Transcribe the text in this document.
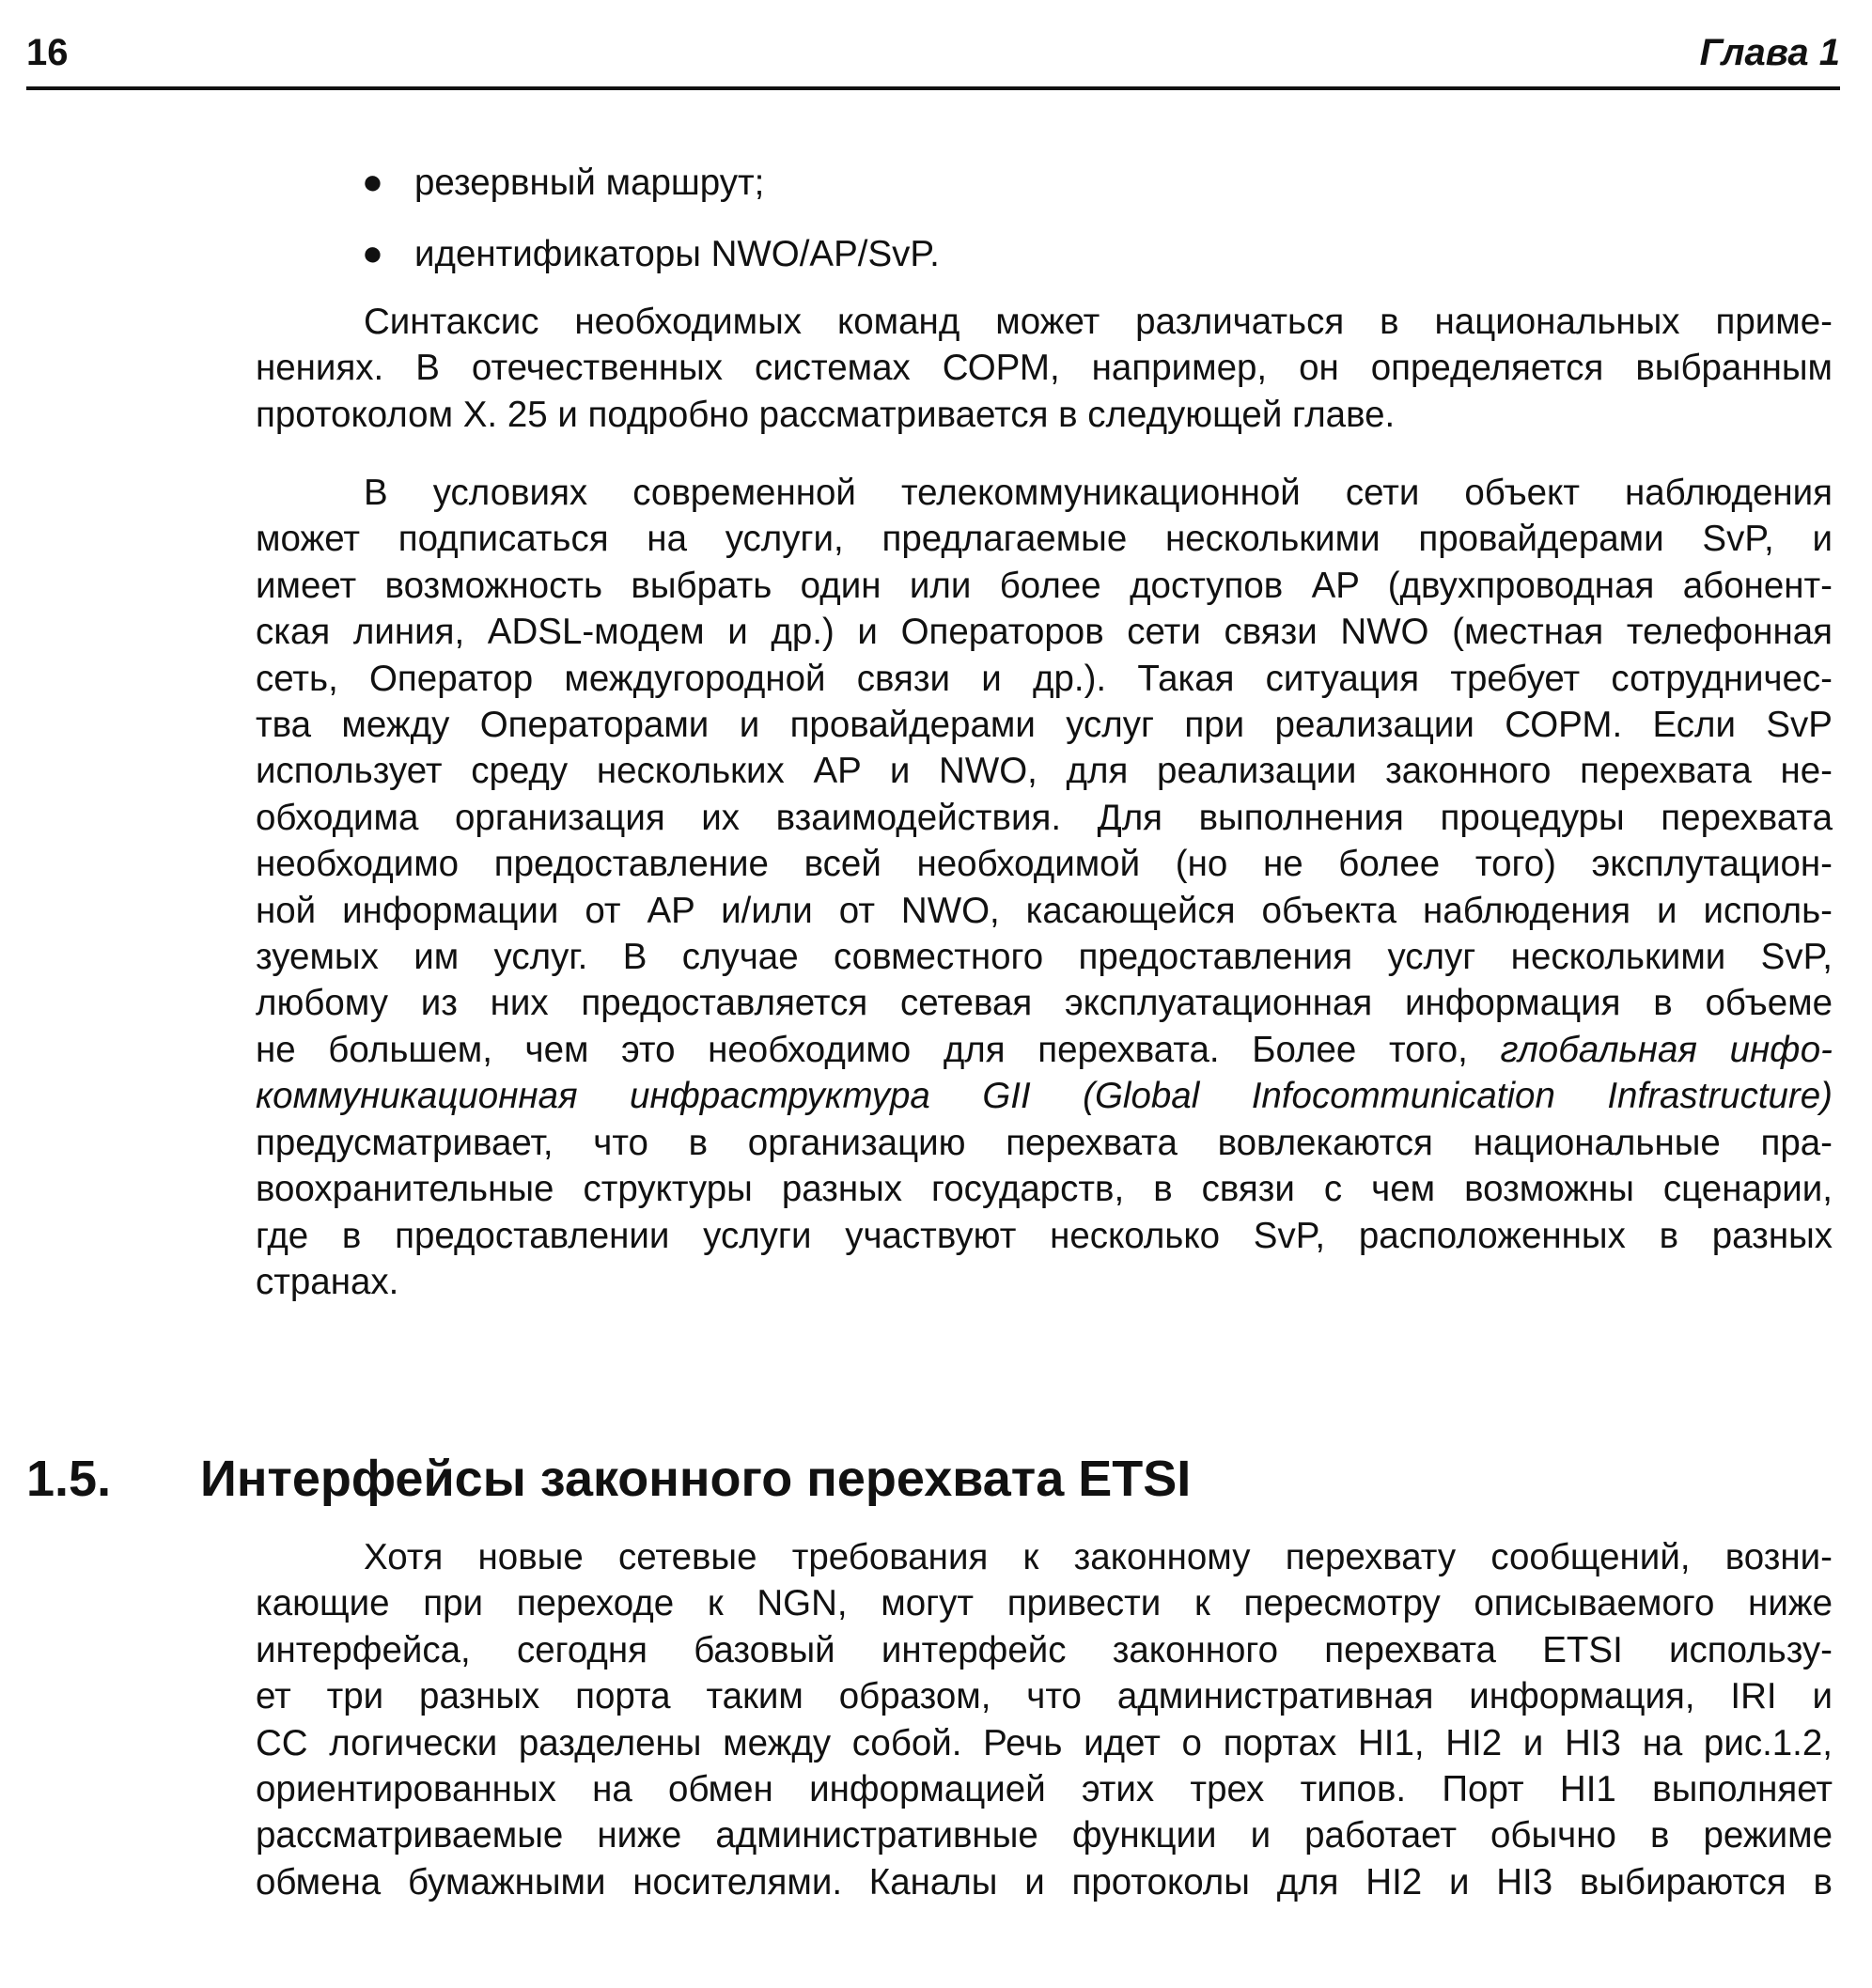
16	Глава 1
● резервный маршрут;
● идентификаторы NWO/AP/SvP.
Синтаксис необходимых команд может различаться в национальных приме-
нениях. В отечественных системах СОРМ, например, он определяется выбранным
протоколом X. 25 и подробно рассматривается в следующей главе.
В условиях современной телекоммуникационной сети объект наблюдения
может подписаться на услуги, предлагаемые несколькими провайдерами SvP, и
имеет возможность выбрать один или более доступов AP (двухпроводная абонент-
ская линия, ADSL-модем и др.) и Операторов сети связи NWO (местная телефонная
сеть, Оператор междугородной связи и др.). Такая ситуация требует сотрудничес-
тва между Операторами и провайдерами услуг при реализации СОРМ. Если SvP
использует среду нескольких AP и NWO, для реализации законного перехвата не-
обходима организация их взаимодействия. Для выполнения процедуры перехвата
необходимо предоставление всей необходимой (но не более того) эксплутацион-
ной информации от AP и/или от NWO, касающейся объекта наблюдения и исполь-
зуемых им услуг. В случае совместного предоставления услуг несколькими SvP,
любому из них предоставляется сетевая эксплуатационная информация в объеме
не большем, чем это необходимо для перехвата. Более того, глобальная инфо-
коммуникационная инфраструктура GII (Global Infocommunication Infrastructure)
предусматривает, что в организацию перехвата вовлекаются национальные пра-
воохранительные структуры разных государств, в связи с чем возможны сценарии,
где в предоставлении услуги участвуют несколько SvP, расположенных в разных
странах.
1.5. Интерфейсы законного перехвата ETSI
Хотя новые сетевые требования к законному перехвату сообщений, возни-
кающие при переходе к NGN, могут привести к пересмотру описываемого ниже
интерфейса, сегодня базовый интерфейс законного перехвата ETSI использу-
ет три разных порта таким образом, что административная информация, IRI и
CC логически разделены между собой. Речь идет о портах HI1, HI2 и HI3 на рис.1.2,
ориентированных на обмен информацией этих трех типов. Порт HI1 выполняет
рассматриваемые ниже административные функции и работает обычно в режиме
обмена бумажными носителями. Каналы и протоколы для HI2 и HI3 выбираются в
